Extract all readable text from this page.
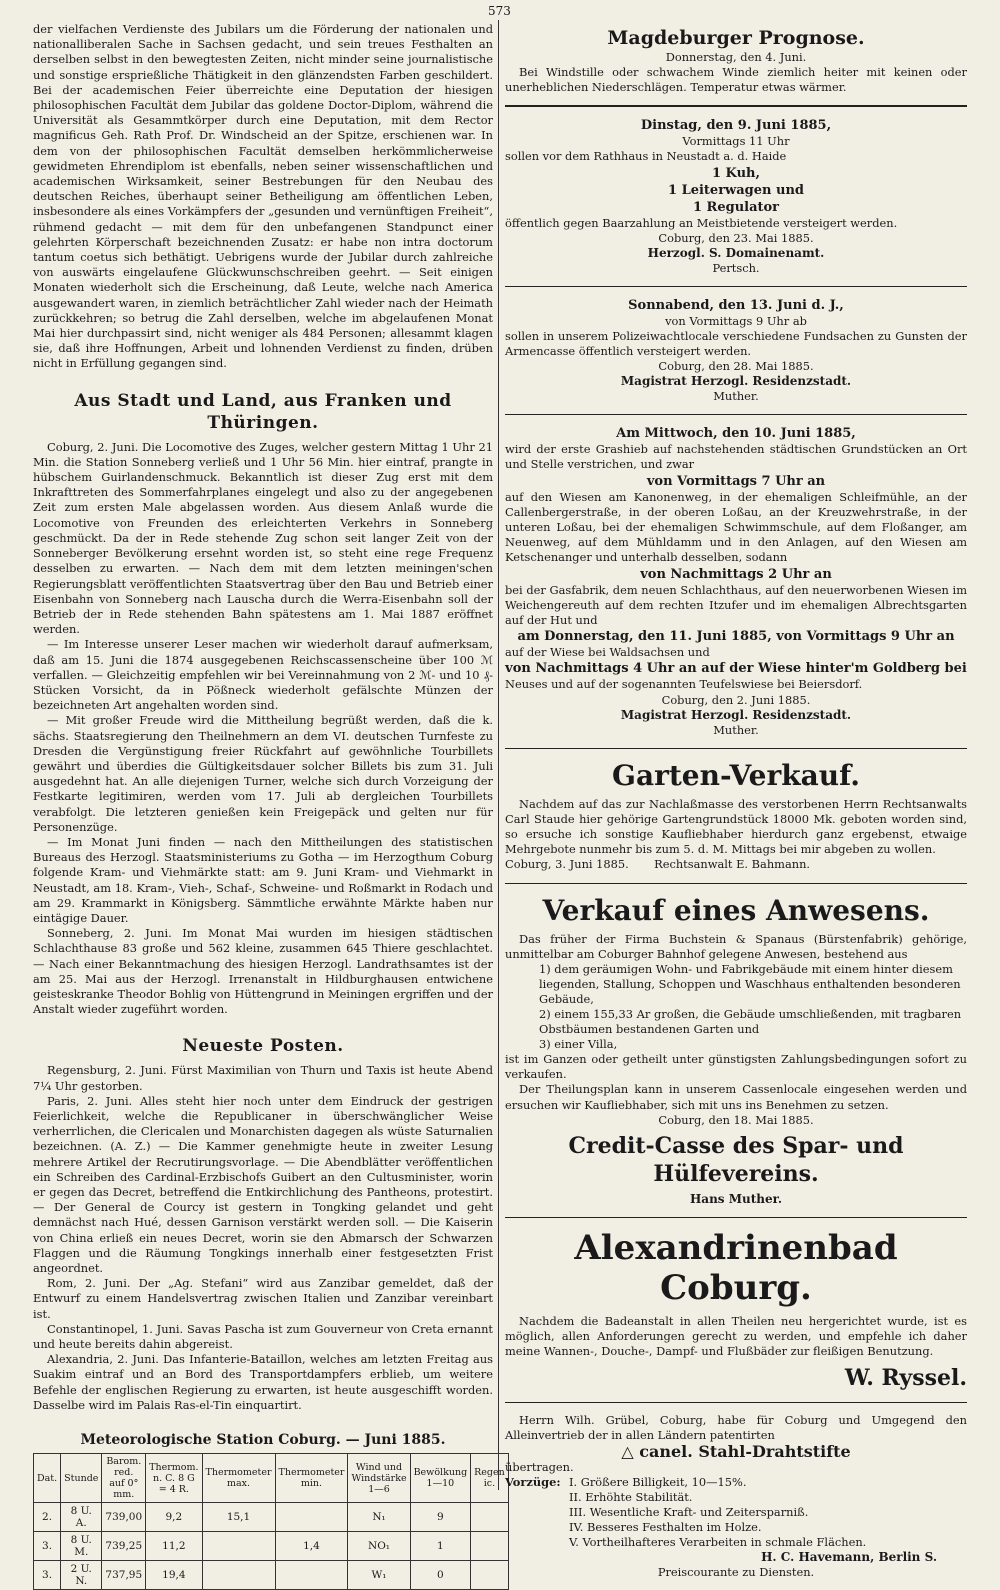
573

der vielfachen Verdienste des Jubilars um die Förderung der nationalen und nationalliberalen Sache in Sachsen gedacht, und sein treues Festhalten an derselben selbst in den bewegtesten Zeiten, nicht minder seine journalistische und sonstige ersprießliche Thätigkeit in den glänzendsten Farben geschildert. Bei der academischen Feier überreichte eine Deputation der hiesigen philosophischen Facultät dem Jubilar das goldene Doctor-Diplom, während die Universität als Gesammtkörper durch eine Deputation, mit dem Rector magnificus Geh. Rath Prof. Dr. Windscheid an der Spitze, erschienen war. In dem von der philosophischen Facultät demselben herkömmlicherweise gewidmeten Ehrendiplom ist ebenfalls, neben seiner wissenschaftlichen und academischen Wirksamkeit, seiner Bestrebungen für den Neubau des deutschen Reiches, überhaupt seiner Betheiligung am öffentlichen Leben, insbesondere als eines Vorkämpfers der „gesunden und vernünftigen Freiheit“, rühmend gedacht — mit dem für den unbefangenen Standpunct einer gelehrten Körperschaft bezeichnenden Zusatz: er habe non intra doctorum tantum coetus sich bethätigt. Uebrigens wurde der Jubilar durch zahlreiche von auswärts eingelaufene Glückwunschschreiben geehrt. — Seit einigen Monaten wiederholt sich die Erscheinung, daß Leute, welche nach America ausgewandert waren, in ziemlich beträchtlicher Zahl wieder nach der Heimath zurückkehren; so betrug die Zahl derselben, welche im abgelaufenen Monat Mai hier durchpassirt sind, nicht weniger als 484 Personen; allesammt klagen sie, daß ihre Hoffnungen, Arbeit und lohnenden Verdienst zu finden, drüben nicht in Erfüllung gegangen sind.

Aus Stadt und Land, aus Franken und Thüringen.

Coburg, 2. Juni. Die Locomotive des Zuges, welcher gestern Mittag 1 Uhr 21 Min. die Station Sonneberg verließ und 1 Uhr 56 Min. hier eintraf, prangte in hübschem Guirlandenschmuck. Bekanntlich ist dieser Zug erst mit dem Inkrafttreten des Sommerfahrplanes eingelegt und also zu der angegebenen Zeit zum ersten Male abgelassen worden. Aus diesem Anlaß wurde die Locomotive von Freunden des erleichterten Verkehrs in Sonneberg geschmückt. Da der in Rede stehende Zug schon seit langer Zeit von der Sonneberger Bevölkerung ersehnt worden ist, so steht eine rege Frequenz desselben zu erwarten. — Nach dem mit dem letzten meiningen'schen Regierungsblatt veröffentlichten Staatsvertrag über den Bau und Betrieb einer Eisenbahn von Sonneberg nach Lauscha durch die Werra-Eisenbahn soll der Betrieb der in Rede stehenden Bahn spätestens am 1. Mai 1887 eröffnet werden.

— Im Interesse unserer Leser machen wir wiederholt darauf aufmerksam, daß am 15. Juni die 1874 ausgegebenen Reichscassenscheine über 100 ℳ verfallen. — Gleichzeitig empfehlen wir bei Vereinnahmung von 2 ℳ- und 10 ₰-Stücken Vorsicht, da in Pößneck wiederholt gefälschte Münzen der bezeichneten Art angehalten worden sind.

— Mit großer Freude wird die Mittheilung begrüßt werden, daß die k. sächs. Staatsregierung den Theilnehmern an dem VI. deutschen Turnfeste zu Dresden die Vergünstigung freier Rückfahrt auf gewöhnliche Tourbillets gewährt und überdies die Gültigkeitsdauer solcher Billets bis zum 31. Juli ausgedehnt hat. An alle diejenigen Turner, welche sich durch Vorzeigung der Festkarte legitimiren, werden vom 17. Juli ab dergleichen Tourbillets verabfolgt. Die letzteren genießen kein Freigepäck und gelten nur für Personenzüge.

— Im Monat Juni finden — nach den Mittheilungen des statistischen Bureaus des Herzogl. Staatsministeriums zu Gotha — im Herzogthum Coburg folgende Kram- und Viehmärkte statt: am 9. Juni Kram- und Viehmarkt in Neustadt, am 18. Kram-, Vieh-, Schaf-, Schweine- und Roßmarkt in Rodach und am 29. Krammarkt in Königsberg. Sämmtliche erwähnte Märkte haben nur eintägige Dauer.

Sonneberg, 2. Juni. Im Monat Mai wurden im hiesigen städtischen Schlachthause 83 große und 562 kleine, zusammen 645 Thiere geschlachtet. — Nach einer Bekanntmachung des hiesigen Herzogl. Landrathsamtes ist der am 25. Mai aus der Herzogl. Irrenanstalt in Hildburghausen entwichene geisteskranke Theodor Bohlig von Hüttengrund in Meiningen ergriffen und der Anstalt wieder zugeführt worden.

Neueste Posten.

Regensburg, 2. Juni. Fürst Maximilian von Thurn und Taxis ist heute Abend 7¼ Uhr gestorben.

Paris, 2. Juni. Alles steht hier noch unter dem Eindruck der gestrigen Feierlichkeit, welche die Republicaner in überschwänglicher Weise verherrlichen, die Clericalen und Monarchisten dagegen als wüste Saturnalien bezeichnen. (A. Z.) — Die Kammer genehmigte heute in zweiter Lesung mehrere Artikel der Recrutirungsvorlage. — Die Abendblätter veröffentlichen ein Schreiben des Cardinal-Erzbischofs Guibert an den Cultusminister, worin er gegen das Decret, betreffend die Entkirchlichung des Pantheons, protestirt. — Der General de Courcy ist gestern in Tongking gelandet und geht demnächst nach Hué, dessen Garnison verstärkt werden soll. — Die Kaiserin von China erließ ein neues Decret, worin sie den Abmarsch der Schwarzen Flaggen und die Räumung Tongkings innerhalb einer festgesetzten Frist angeordnet.

Rom, 2. Juni. Der „Ag. Stefani“ wird aus Zanzibar gemeldet, daß der Entwurf zu einem Handelsvertrag zwischen Italien und Zanzibar vereinbart ist.

Constantinopel, 1. Juni. Savas Pascha ist zum Gouverneur von Creta ernannt und heute bereits dahin abgereist.

Alexandria, 2. Juni. Das Infanterie-Bataillon, welches am letzten Freitag aus Suakim eintraf und an Bord des Transportdampfers erblieb, um weitere Befehle der englischen Regierung zu erwarten, ist heute ausgeschifft worden. Dasselbe wird im Palais Ras-el-Tin einquartirt.

Meteorologische Station Coburg. — Juni 1885.
Dat.	Stunde	Barom. red. auf 0° mm.	Thermom. n. C. 8 G = 4 R.	Thermometer max.	Thermometer min.	Wind und Windstärke 1—6	Bewölkung 1—10	Regen ic.
2.	8 U. A.	739,00	9,2	15,1		N₁	9	
3.	8 U. M.	739,25	11,2		1,4	NO₁	1	
3.	2 U. N.	737,95	19,4			W₁	0	
Magdeburger Prognose.
Donnerstag, den 4. Juni.

Bei Windstille oder schwachem Winde ziemlich heiter mit keinen oder unerheblichen Niederschlägen. Temperatur etwas wärmer.

Dinstag, den 9. Juni 1885,
Vormittags 11 Uhr

sollen vor dem Rathhaus in Neustadt a. d. Haide

1 Kuh,
1 Leiterwagen und
1 Regulator

öffentlich gegen Baarzahlung an Meistbietende versteigert werden.

Coburg, den 23. Mai 1885.
Herzogl. S. Domainenamt.
Pertsch.
Sonnabend, den 13. Juni d. J.,
von Vormittags 9 Uhr ab

sollen in unserem Polizeiwachtlocale verschiedene Fundsachen zu Gunsten der Armencasse öffentlich versteigert werden.

Coburg, den 28. Mai 1885.
Magistrat Herzogl. Residenzstadt.
Muther.
Am Mittwoch, den 10. Juni 1885,

wird der erste Grashieb auf nachstehenden städtischen Grundstücken an Ort und Stelle verstrichen, und zwar

von Vormittags 7 Uhr an

auf den Wiesen am Kanonenweg, in der ehemaligen Schleifmühle, an der Callenbergerstraße, in der oberen Loßau, an der Kreuzwehrstraße, in der unteren Loßau, bei der ehemaligen Schwimmschule, auf dem Floßanger, am Neuenweg, auf dem Mühldamm und in den Anlagen, auf den Wiesen am Ketschenanger und unterhalb desselben, sodann

von Nachmittags 2 Uhr an

bei der Gasfabrik, dem neuen Schlachthaus, auf den neuerworbenen Wiesen im Weichengereuth auf dem rechten Itzufer und im ehemaligen Albrechtsgarten auf der Hut und

am Donnerstag, den 11. Juni 1885, von Vormittags 9 Uhr an

auf der Wiese bei Waldsachsen und

von Nachmittags 4 Uhr an auf der Wiese hinter'm Goldberg bei

Neuses und auf der sogenannten Teufelswiese bei Beiersdorf.

Coburg, den 2. Juni 1885.
Magistrat Herzogl. Residenzstadt.
Muther.
Garten-Verkauf.

Nachdem auf das zur Nachlaßmasse des verstorbenen Herrn Rechtsanwalts Carl Staude hier gehörige Gartengrundstück 18000 Mk. geboten worden sind, so ersuche ich sonstige Kaufliebhaber hierdurch ganz ergebenst, etwaige Mehrgebote nunmehr bis zum 5. d. M. Mittags bei mir abgeben zu wollen.

Coburg, 3. Juni 1885. Rechtsanwalt E. Bahmann.

Verkauf eines Anwesens.

Das früher der Firma Buchstein & Spanaus (Bürstenfabrik) gehörige, unmittelbar am Coburger Bahnhof gelegene Anwesen, bestehend aus

1) dem geräumigen Wohn- und Fabrikgebäude mit einem hinter diesem liegenden, Stallung, Schoppen und Waschhaus enthaltenden besonderen Gebäude,
2) einem 155,33 Ar großen, die Gebäude umschließenden, mit tragbaren Obstbäumen bestandenen Garten und
3) einer Villa,

ist im Ganzen oder getheilt unter günstigsten Zahlungsbedingungen sofort zu verkaufen.

Der Theilungsplan kann in unserem Cassenlocale eingesehen werden und ersuchen wir Kaufliebhaber, sich mit uns ins Benehmen zu setzen.

Coburg, den 18. Mai 1885.
Credit-Casse des Spar- und Hülfevereins.
Hans Muther.
Alexandrinenbad Coburg.

Nachdem die Badeanstalt in allen Theilen neu hergerichtet wurde, ist es möglich, allen Anforderungen gerecht zu werden, und empfehle ich daher meine Wannen-, Douche-, Dampf- und Flußbäder zur fleißigen Benutzung.

W. Ryssel.

Herrn Wilh. Grübel, Coburg, habe für Coburg und Umgegend den Alleinvertrieb der in allen Ländern patentirten

△ canel. Stahl-Drahtstifte

übertragen.

Vorzüge: I. Größere Billigkeit, 10—15%.
II. Erhöhte Stabilität.
III. Wesentliche Kraft- und Zeitersparniß.
IV. Besseres Festhalten im Holze.
V. Vortheilhafteres Verarbeiten in schmale Flächen.
H. C. Havemann, Berlin S.
Preiscourante zu Diensten.
